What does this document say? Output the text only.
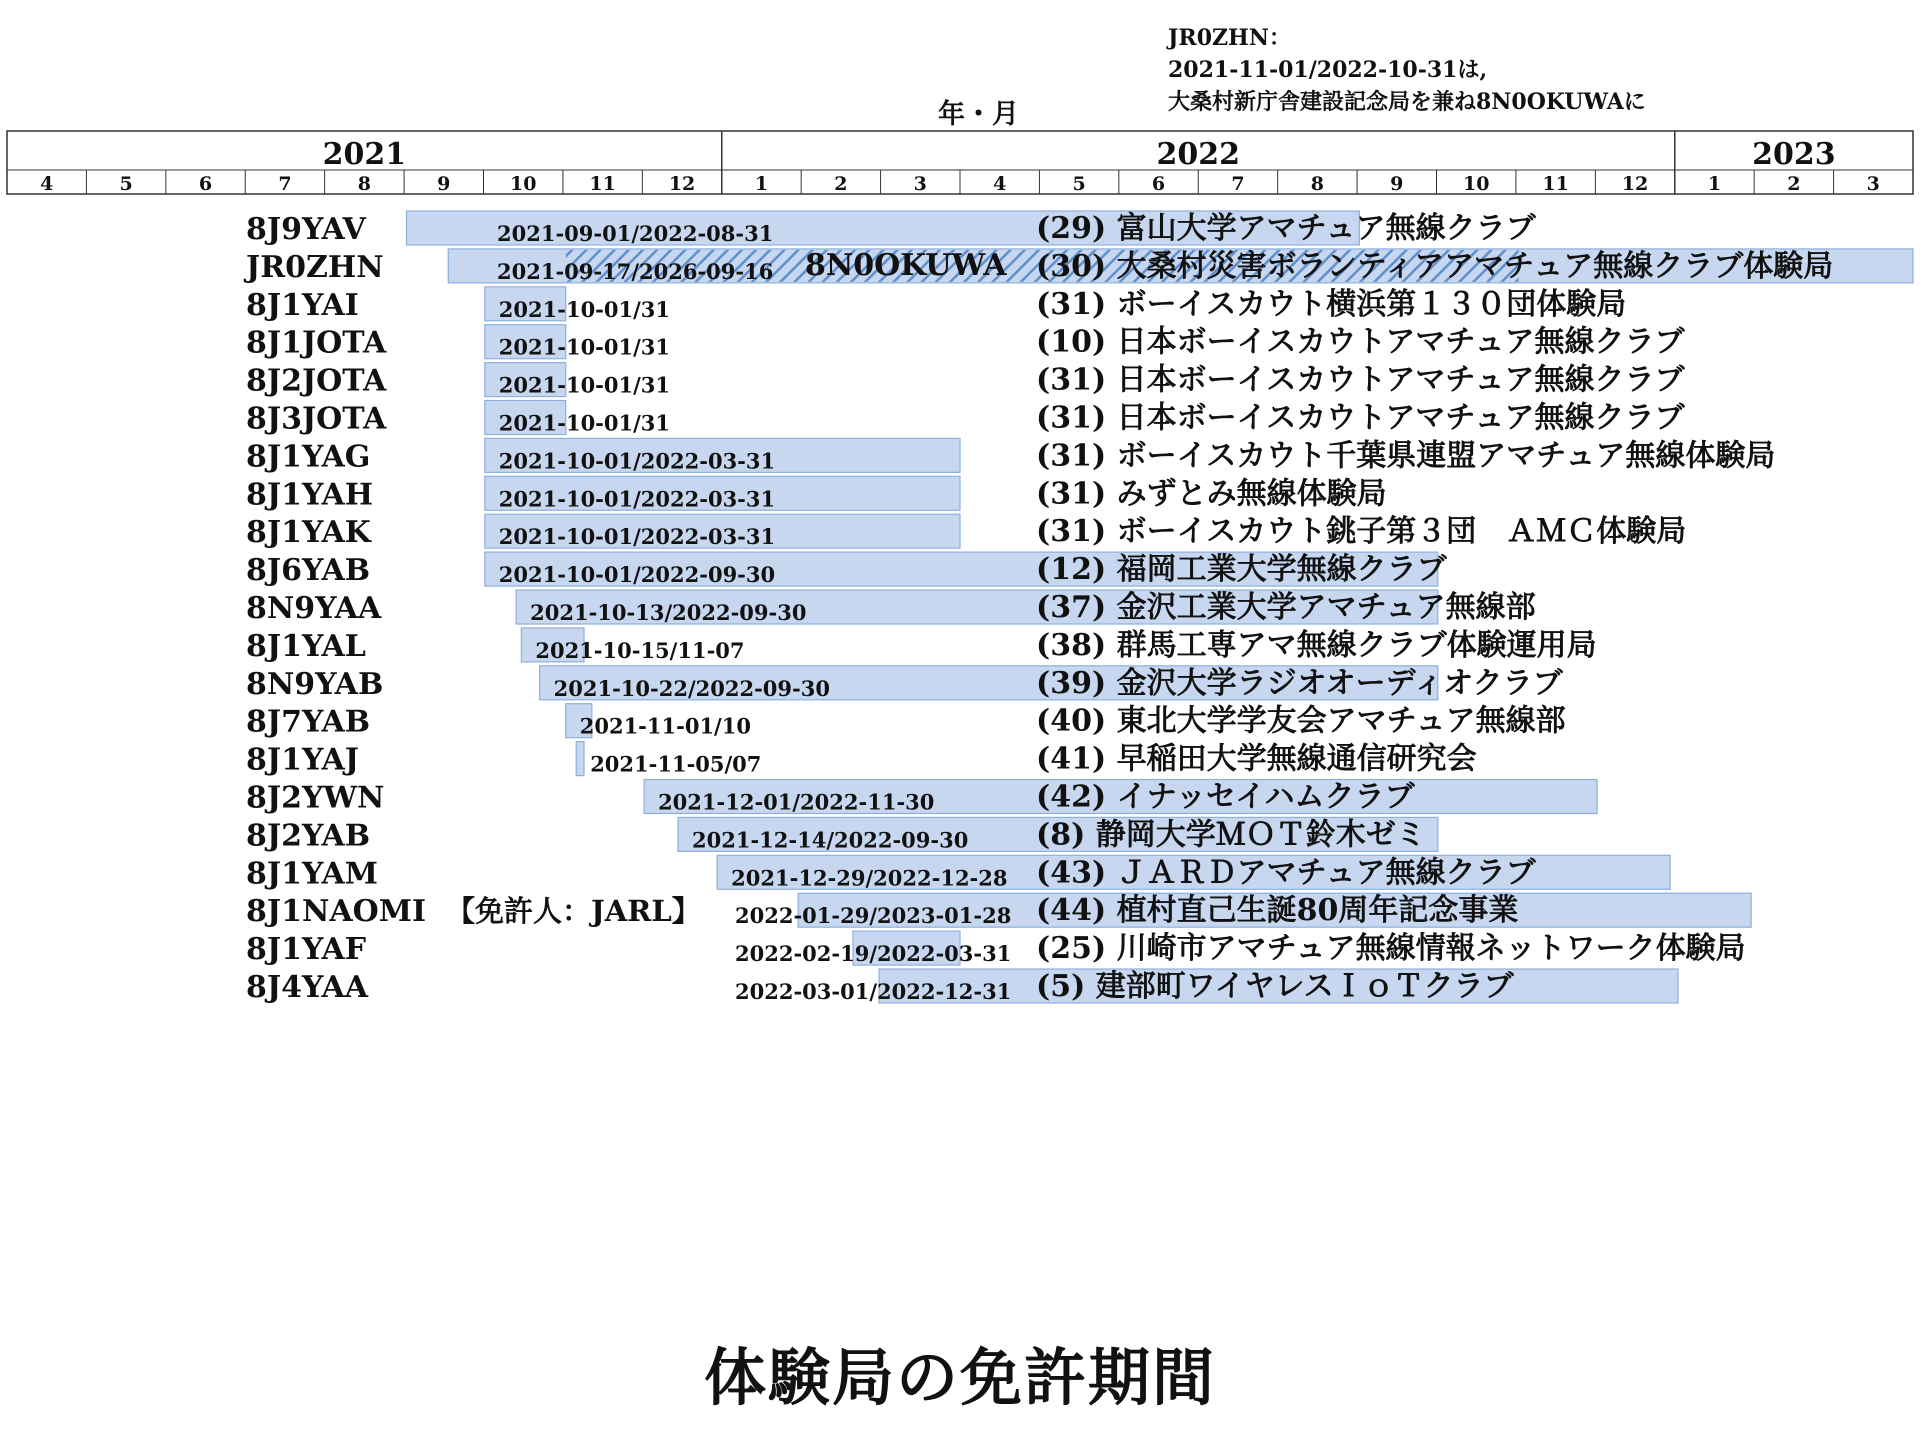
JR0ZHN：
2021-11-01/2022-10-31は,
大桑村新庁舎建設記念局を兼ね8N0OKUWAに
年・月
2021
4	5	6	7	8	9	10	11	12
2022
1	2	3	4	5	6	7	8	9	10	11	12
2023
1	2	3
8J9YAV	2021-09-01/2022-08-31	(29) 富山大学アマチュア無線クラブ
JR0ZHN	2021-09-17/2026-09-16 8N0OKUWA (30) 大桑村災害ボランティアアマチュア無線クラブ体験局
8J1YAI	2021-10-01/31	(31) ボーイスカウト横浜第１３０団体験局
8J1JOTA	2021-10-01/31	(10) 日本ボーイスカウトアマチュア無線クラブ
8J2JOTA	2021-10-01/31	(31) 日本ボーイスカウトアマチュア無線クラブ
8J3JOTA	2021-10-01/31	(31) 日本ボーイスカウトアマチュア無線クラブ
8J1YAG	2021-10-01/2022-03-31	(31) ボーイスカウト千葉県連盟アマチュア無線体験局
8J1YAH	2021-10-01/2022-03-31	(31) みずとみ無線体験局
8J1YAK	2021-10-01/2022-03-31	(31) ボーイスカウト銚子第３団　ＡＭＣ体験局
8J6YAB	2021-10-01/2022-09-30	(12) 福岡工業大学無線クラブ
8N9YAA	2021-10-13/2022-09-30	(37) 金沢工業大学アマチュア無線部
8J1YAL	2021-10-15/11-07	(38) 群馬工専アマ無線クラブ体験運用局
8N9YAB	2021-10-22/2022-09-30	(39) 金沢大学ラジオオーディオクラブ
8J7YAB	2021-11-01/10	(40) 東北大学学友会アマチュア無線部
8J1YAJ	2021-11-05/07	(41) 早稲田大学無線通信研究会
8J2YWN	2021-12-01/2022-11-30	(42) イナッセイハムクラブ
8J2YAB	2021-12-14/2022-09-30 (8) 静岡大学ＭＯＴ鈴木ゼミ
8J1YAM	2021-12-29/2022-12-28 (43) ＪＡＲＤアマチュア無線クラブ
8J1NAOMI 【免許人：JARL】 2022-01-29/2023-01-28 (44) 植村直己生誕80周年記念事業
8J1YAF	2022-02-19/2022-03-31 (25) 川崎市アマチュア無線情報ネットワーク体験局
8J4YAA	2022-03-01/2022-12-31 (5) 建部町ワイヤレスＩｏＴクラブ
体験局の免許期間
